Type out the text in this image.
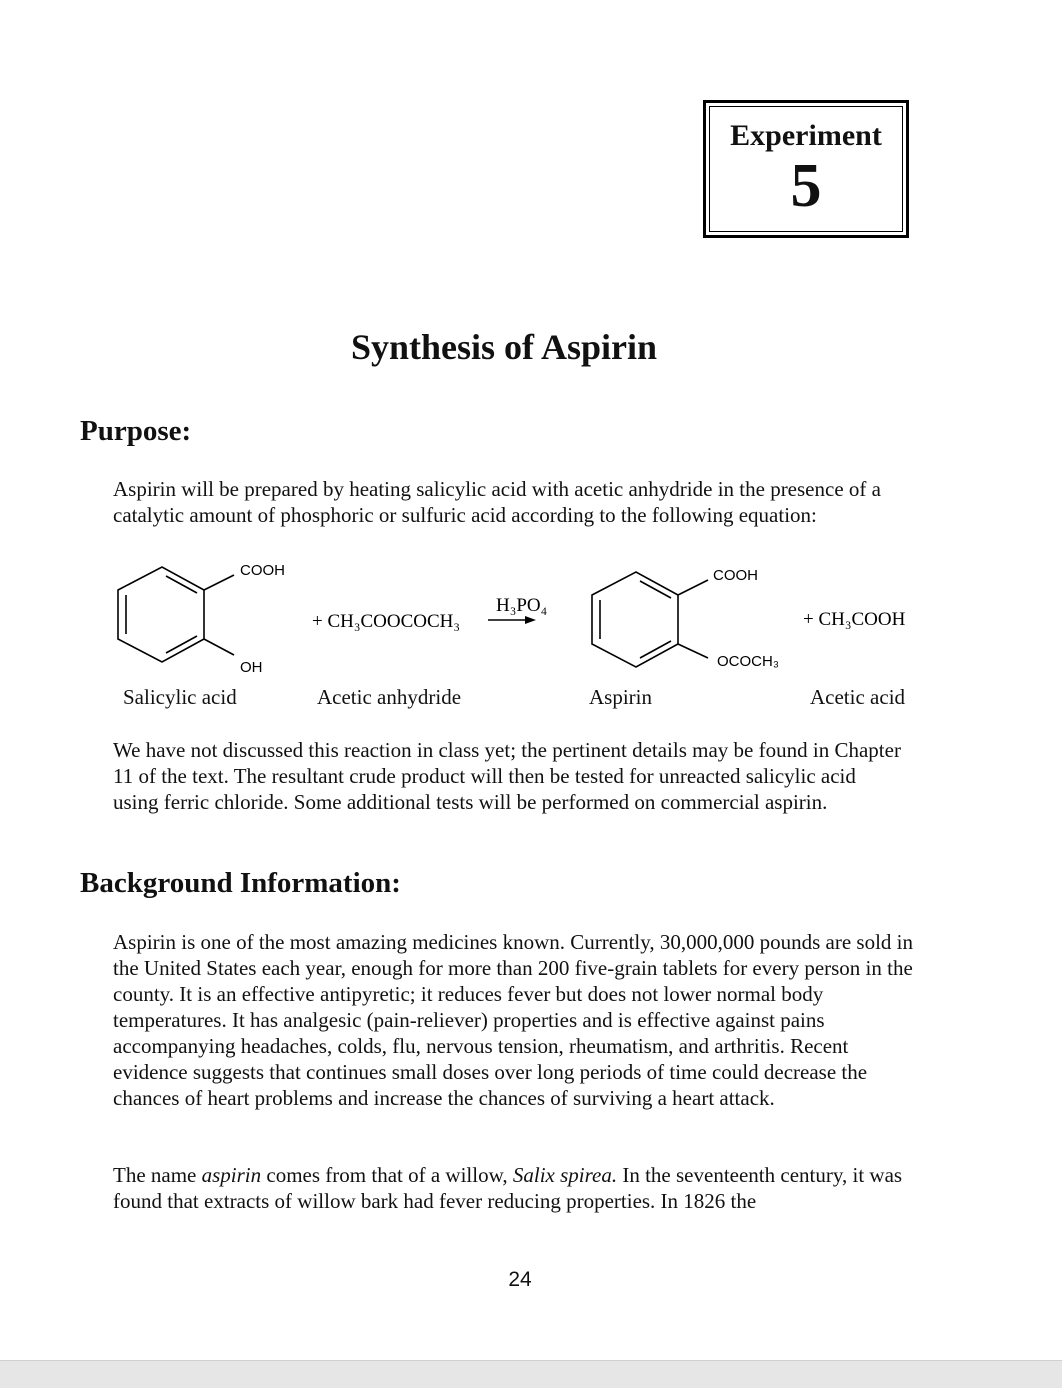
Experiment
5
Synthesis of Aspirin
Purpose:
Aspirin will be prepared by heating salicylic acid with acetic anhydride in the presence of a catalytic amount of phosphoric or sulfuric acid according to the following equation:
COOH
OH
+ CH₃COOCOCH₃
H₃PO₄
COOH
OCOCH₃
+ CH₃COOH
Salicylic acid	Acetic anhydride	Aspirin	Acetic acid
We have not discussed this reaction in class yet; the pertinent details may be found in Chapter 11 of the text. The resultant crude product will then be tested for unreacted salicylic acid using ferric chloride. Some additional tests will be performed on commercial aspirin.
Background Information:
Aspirin is one of the most amazing medicines known. Currently, 30,000,000 pounds are sold in the United States each year, enough for more than 200 five-grain tablets for every person in the county. It is an effective antipyretic; it reduces fever but does not lower normal body temperatures. It has analgesic (pain-reliever) properties and is effective against pains accompanying headaches, colds, flu, nervous tension, rheumatism, and arthritis. Recent evidence suggests that continues small doses over long periods of time could decrease the chances of heart problems and increase the chances of surviving a heart attack.
The name aspirin comes from that of a willow, Salix spirea. In the seventeenth century, it was found that extracts of willow bark had fever reducing properties. In 1826 the
24
